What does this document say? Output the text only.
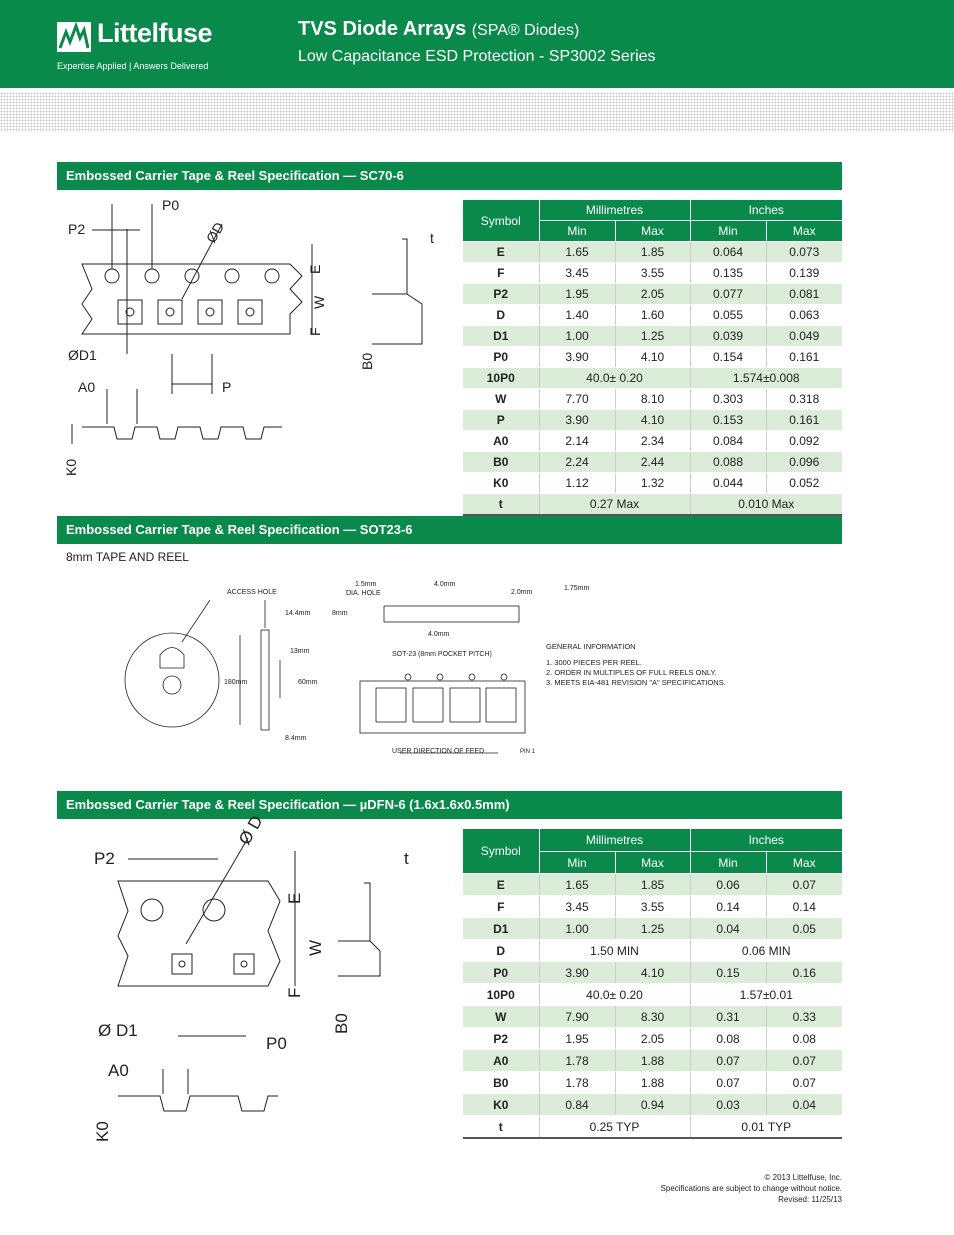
Littelfuse
Expertise Applied | Answers Delivered
TVS Diode Arrays (SPA® Diodes)
Low Capacitance ESD Protection - SP3002 Series
Embossed Carrier Tape & Reel Specification — SC70-6
P0
P2	ØD
ØD1
A0	P
K0
E
W
F
B0
t
Symbol	Millimetres		Inches	
	Min	Max	Min	Max
E	1.65	1.85	0.064	0.073
F	3.45	3.55	0.135	0.139
P2	1.95	2.05	0.077	0.081
D	1.40	1.60	0.055	0.063
D1	1.00	1.25	0.039	0.049
P0	3.90	4.10	0.154	0.161
10P0	40.0± 0.20		1.574±0.008	
W	7.70	8.10	0.303	0.318
P	3.90	4.10	0.153	0.161
A0	2.14	2.34	0.084	0.092
B0	2.24	2.44	0.088	0.096
K0	1.12	1.32	0.044	0.052
t	0.27 Max		0.010 Max	
Embossed Carrier Tape & Reel Specification — SOT23-6
8mm TAPE AND REEL
ACCESS HOLE
14.4mm
13mm
180mm	60mm
8.4mm
1.5mm
DIA. HOLE
4.0mm
2.0mm
1.75mm
8mm
4.0mm
SOT-23 (8mm POCKET PITCH)
USER DIRECTION OF FEED	PIN 1
GENERAL INFORMATION
1. 3000 PIECES PER REEL.
2. ORDER IN MULTIPLES OF FULL REELS ONLY.
3. MEETS EIA-481 REVISION "A" SPECIFICATIONS.
Embossed Carrier Tape & Reel Specification — µDFN-6 (1.6x1.6x0.5mm)
P2
Ø D
t
E
W
F
B0
Ø D1
P0
A0
K0
Symbol	Millimetres		Inches	
	Min	Max	Min	Max
E	1.65	1.85	0.06	0.07
F	3.45	3.55	0.14	0.14
D1	1.00	1.25	0.04	0.05
D	1.50 MIN		0.06 MIN	
P0	3.90	4.10	0.15	0.16
10P0	40.0± 0.20		1.57±0.01	
W	7.90	8.30	0.31	0.33
P2	1.95	2.05	0.08	0.08
A0	1.78	1.88	0.07	0.07
B0	1.78	1.88	0.07	0.07
K0	0.84	0.94	0.03	0.04
t	0.25 TYP		0.01 TYP	
© 2013 Littelfuse, Inc.
Specifications are subject to change without notice.
Revised: 11/25/13
